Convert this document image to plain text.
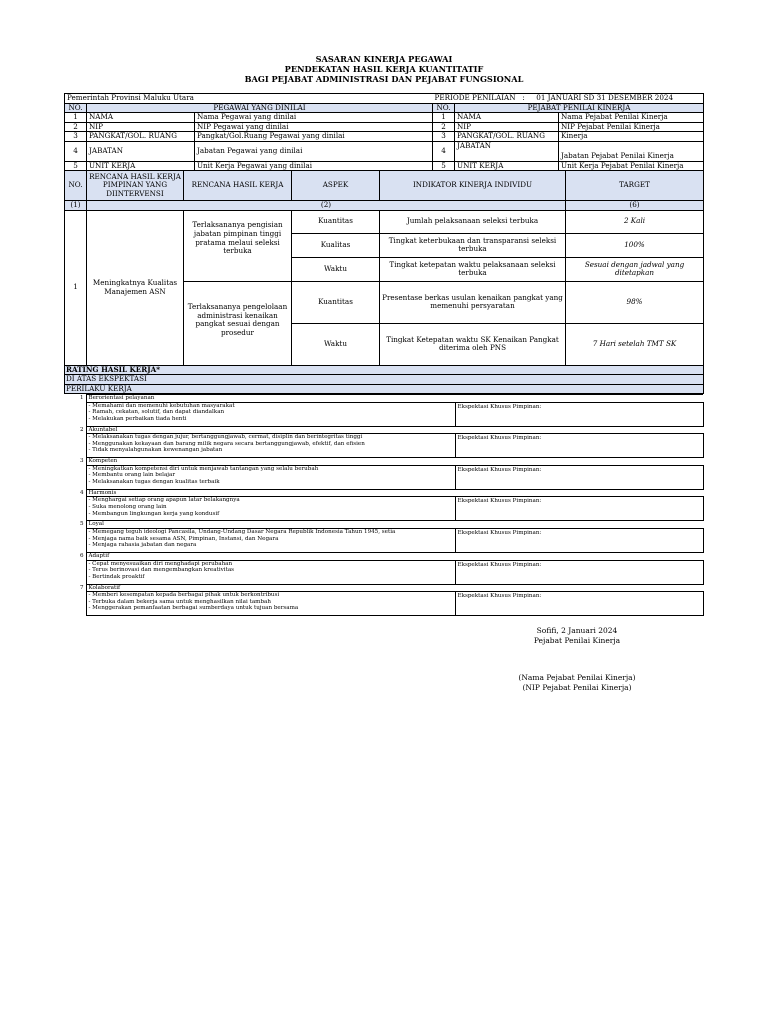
SASARAN KINERJA PEGAWAI
PENDEKATAN HASIL KERJA KUANTITATIF
BAGI PEJABAT ADMINISTRASI DAN PEJABAT FUNGSIONAL
Pemerintah Provinsi Maluku Utara			PERIODE PENILAIAN : 01 JANUARI SD 31 DESEMBER 2024		
NO.	PEGAWAI YANG DINILAI		NO.	PEJABAT PENILAI KINERJA	
1	NAMA	Nama Pegawai yang dinilai	1	NAMA	Nama Pejabat Penilai Kinerja
2	NIP	NIP Pegawai yang dinilai	2	NIP	NIP Pejabat Penilai Kinerja
3	PANGKAT/GOL. RUANG	Pangkat/Gol.Ruang Pegawai yang dinilai	3	PANGKAT/GOL. RUANG	Kinerja
4	JABATAN	Jabatan Pegawai yang dinilai	4	JABATAN	Jabatan Pejabat Penilai Kinerja
5	UNIT KERJA	Unit Kerja Pegawai yang dinilai	5	UNIT KERJA	Unit Kerja Pejabat Penilai Kinerja
NO.	RENCANA HASIL KERJA PIMPINAN YANG DIINTERVENSI	RENCANA HASIL KERJA	ASPEK	INDIKATOR KINERJA INDIVIDU	TARGET
(1)	(2)				(6)
1	Meningkatnya Kualitas Manajemen ASN	Terlaksananya pengisian jabatan pimpinan tinggi pratama melaui seleksi terbuka	Kuantitas	Jumlah pelaksanaan seleksi terbuka	2 Kali
			Kualitas	Tingkat keterbukaan dan transparansi seleksi terbuka	100%
			Waktu	Tingkat ketepatan waktu pelaksanaan seleksi terbuka	Sesuai dengan jadwal yang ditetapkan
		Terlaksananya pengelolaan administrasi kenaikan pangkat sesuai dengan prosedur	Kuantitas	Presentase berkas usulan kenaikan pangkat yang memenuhi persyaratan	98%
			Waktu	Tingkat Ketepatan waktu SK Kenaikan Pangkat diterima oleh PNS	7 Hari setelah TMT SK
RATING HASIL KERJA*					
DI ATAS EKSPEKTASI					
PERILAKU KERJA					
1	Berorientasi pelayanan	

	- Memahami dan memenuhi kebutuhan masyarakat
- Ramah, cekatan, solutif, dan dapat diandalkan
- Melakukan perbaikan tiada henti	Ekspektasi Khusus Pimpinan:
2	Akuntabel	

	- Melaksanakan tugas dengan jujur, bertanggungjawab, cermat, disiplin dan berintegritas tinggi
- Menggunakan kekayaan dan barang milik negara secara bertanggungjawab, efektif, dan efisien
- Tidak menyalahgunakan kewenangan jabatan	Ekspektasi Khusus Pimpinan:
3	Kompeten	

	- Meningkatkan kompetensi diri untuk menjawab tantangan yang selalu berubah
- Membantu orang lain belajar
- Melaksanakan tugas dengan kualitas terbaik	Ekspektasi Khusus Pimpinan:
4	Harmonis	

	- Menghargai setiap orang apapun latar belakangnya
- Suka menolong orang lain
- Membangun lingkungan kerja yang kondusif	Ekspektasi Khusus Pimpinan:
5	Loyal	

	- Memegang teguh ideologi Pancasila, Undang-Undang Dasar Negara Republik Indonesia Tahun 1945, setia
- Menjaga nama baik sesama ASN, Pimpinan, Instansi, dan Negara
- Menjaga rahasia jabatan dan negara	Ekspektasi Khusus Pimpinan:
6	Adaptif	

	- Cepat menyesuaikan diri menghadapi perubahan
- Terus berinovasi dan mengembangkan kreativitas
- Bertindak proaktif	Ekspektasi Khusus Pimpinan:
7	Kolaboratif	

	- Memberi kesempatan kepada berbagai pihak untuk berkontribusi
- Terbuka dalam bekerja sama untuk menghasilkan nilai tambah
- Menggerakan pemanfaatan berbagai sumberdaya untuk tujuan bersama	Ekspektasi Khusus Pimpinan:
Sofifi, 2 Januari 2024
Pejabat Penilai Kinerja
(Nama Pejabat Penilai Kinerja)
(NIP Pejabat Penilai Kinerja)
